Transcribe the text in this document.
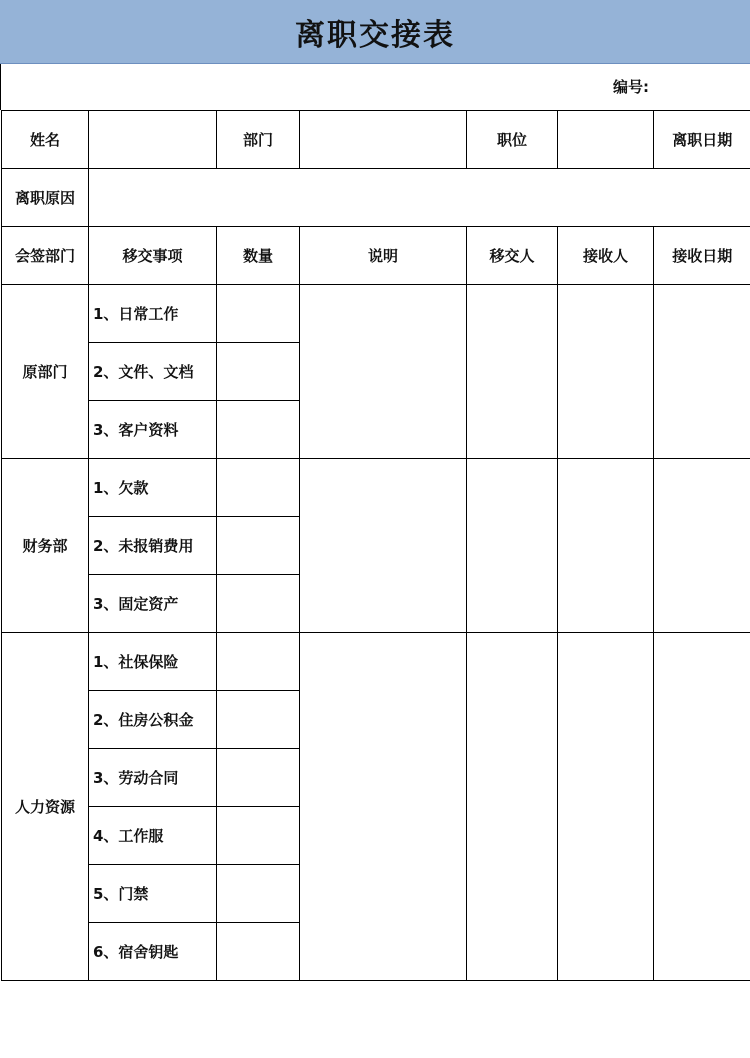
离职交接表
编号:
姓名		部门		职位		离职日期
离职原因						
会签部门	移交事项	数量	说明	移交人	接收人	接收日期
原部门	1、日常工作					
	2、文件、文档					
	3、客户资料					
财务部	1、欠款					
	2、未报销费用					
	3、固定资产					
人力资源	1、社保保险					
	2、住房公积金					
	3、劳动合同					
	4、工作服					
	5、门禁					
	6、宿舍钥匙					
